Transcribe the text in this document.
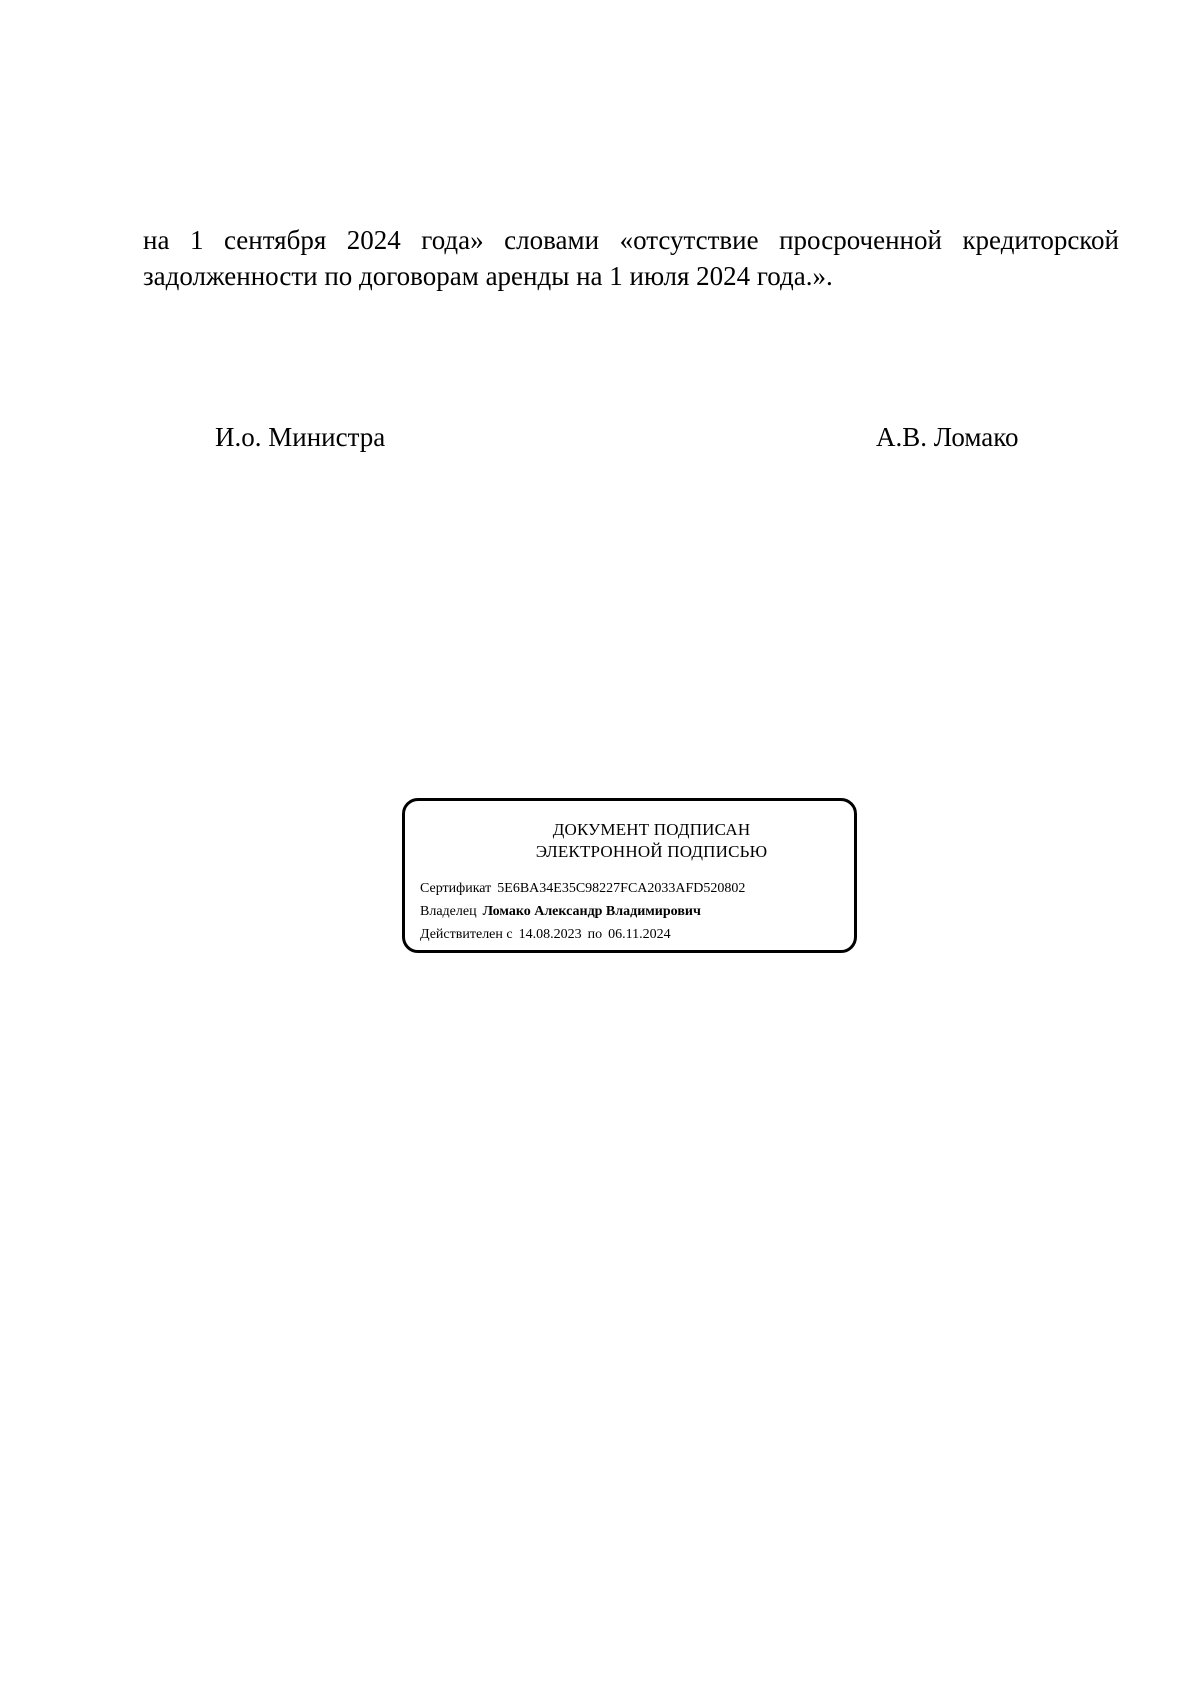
на 1 сентября 2024 года» словами «отсутствие просроченной кредиторской
задолженности по договорам аренды на 1 июля 2024 года.».
И.о. Министра	А.В. Ломако
ДОКУМЕНТ ПОДПИСАН
ЭЛЕКТРОННОЙ ПОДПИСЬЮ
Сертификат 5E6BA34E35C98227FCA2033AFD520802
Владелец Ломако Александр Владимирович
Действителен с 14.08.2023 по 06.11.2024
